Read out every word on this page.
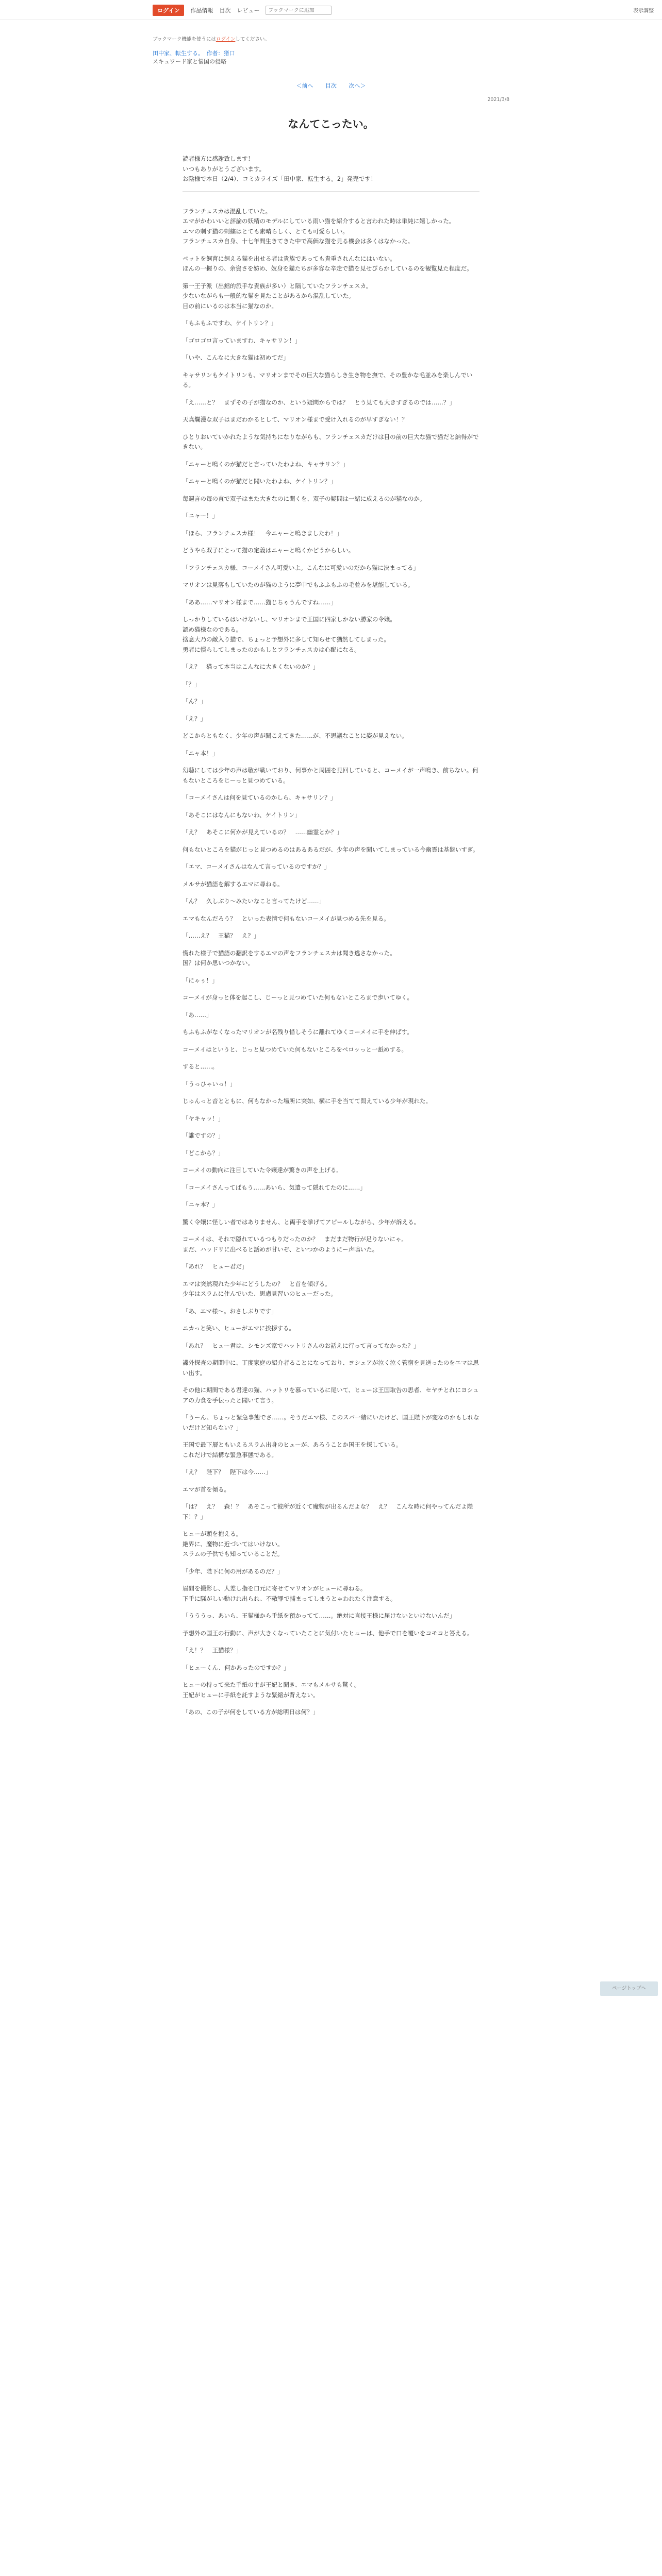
ログイン	作品情報 目次 レビュー
ブックマークに追加	表示調整
ブックマーク機能を使うにはログインしてください。
田中家、転生する。　作者：猪口
スキュワード家と悩国の侵略
＜前へ 目次 次へ＞
2021/3/8
なんてこったい。

読者様方に感謝致します！
いつもありがとうございます。
お陰様で本日（2/4）、コミカライズ「田中家、転生する。2」発売です！

フランチェスカは混乱していた。
エマがかわいいと評論の妖精のモデルにしている雨い猫を紹介すると言われた時は単純に嬉しかった。
エマの刺す猫の刺繍はとても素晴らしく、とても可愛らしい。
フランチェスカ自身、十七年間生きてきた中で高価な猫を見る機会は多くはなかった。

ペットを飼育に飼える猫を出せる者は貴族であっても貴重されんなにはいない。
ほんの一握りの、余資さを妨め、奴身を猫たちが多容な辛走で猫を見せびらかしているのを観覧見た程度だ。

第一王子派（出鱈的派手な貴族が多い）と隔していたフランチェスカ。
少ないながらも一般的な猫を見たことがあるから混乱していた。
目の前にいるのは本当に猫なのか。

「もふもふですわ、ケイトリン？」

「ゴロゴロ言っていますわ、キャサリン！」

「いや、こんなに大きな猫は初めてだ」

キャサリンもケイトリンも、マリオンまでその巨大な猫らしき生き物を撫で、その豊かな毛並みを楽しんでいる。

「え……と？　まずその子が猫なのか、という疑問からでは？　とう見ても大きすぎるのでは……？」

天真爛漫な双子はまだわかるとして、マリオン様まで受け入れるのが早すぎない！？

ひとりおいていかれたような気持ちになりながらも、フランチェスカだけは目の前の巨大な猫で猫だと納得ができない。

「ニャーと鳴くのが猫だと言っていたわよね、キャサリン？」

「ニャーと鳴くのが猫だと聞いたわよね、ケイトリン？」

毎週言の毎の直で双子はまた大きなのに聞くを、双子の疑問は一緒に成えるのが猫なのか。

「ニャー！」

「ほら、フランチェスカ様！　今ニャーと鳴きましたわ！」

どうやら双子にとって猫の定義はニャーと鳴くかどうからしい。

「フランチェスカ様、コーメイさん可愛いよ。こんなに可愛いのだから猫に決まってる」

マリオンは見落もしていたのが猫のように夢中でもふふもふの毛並みを堪能している。

「ああ……マリオン様まで……猫じちゃうんですね……」

しっかりしているはいけないし、マリオンまで王国に四家しかない勝家の令嬢。
認め猫様なのである。
捨息大乃の敵入り猫で、ちょっと予想外に多して知らせて猶然してしまった。
勇者に慣らしてしまったのかもしとフランチェスカは心配になる。

「え？　猫って本当はこんなに大きくないのか？」

「？」

「ん？」

「え？」

どこからともなく、少年の声が聞こえてきた……が、不思議なことに姿が見えない。

「ニャ本！」

幻聴にしては少年の声は敬が戦いており、何事かと周囲を見回していると、コーメイが一声鳴き、前ちない。何もないところをじーっと見つめている。

「コーメイさんは何を見ているのかしら、キャサリン？」

「あそこにはなんにもないわ、ケイトリン」

「え？　あそこに何かが見えているの？　……幽霊とか？」

何もないところを猫がじっと見つめるのはあるあるだが、少年の声を聞いてしまっている今幽霊は基盤いすぎ。

「エマ、コーメイさんはなんて言っているのですか？」

メルサが猫語を解するエマに尋ねる。

「ん？　久しぶり〜みたいなこと言ってたけど……」

エマもなんだろう？　といった表情で何もないコーメイが見つめる先を見る。

「……え？　王猫？　え？」

慌れた様子で猫語の翻訳をするエマの声をフランチェスカは聞き逃さなかった。
国？は何か思いつかない。

「にゃぅ！」

コーメイが身っと体を起こし、じーっと見つめていた何もないところまで歩いてゆく。

「あ……」

もふもふがなくなったマリオンが名残り惜しそうに離れてゆくコーメイに手を伸ばす。

コーメイはというと、じっと見つめていた何もないところをペロッっと一舐めする。

すると……。

「うっひゃいっ！」

じゅんっと音とともに、何もなかった場所に突如、横に手を当てて悶えている少年が現れた。

「ヤキャッ！」

「誰ですの？」

「どこから？」

コーメイの動向に注目していた令嬢達が驚きの声を上げる。

「コーメイさんってばもう……あいら、気遣って隠れてたのに……」

「ニャ本？」

驚く令嬢に怪しい者ではありません、と両手を挙げてアピールしながら、少年が訴える。

コーメイは、それで隠れているつもりだったのか？　まだまだ物行が足りないにゃ。
まだ、ハッドリに出べると話めが甘いぞ、といつかのようにー声鳴いた。

「あれ？　ヒュー君だ」

エマは突然現れた少年にどうしたの？　と首を傾げる。
少年はスラムに住んでいた、思慮見習いのヒューだった。

「あ、エマ様〜。おさしぶりです」

ニカっと笑い、ヒューがエマに挨拶する。

「あれ？　ヒュー君は、シモンズ家でハットリさんのお話えに行って言ってなかった？」

諜外探査の期間中に、丁度家庭の紹介者ることになっており、ヨシュアが泣く泣く管宿を見送ったのをエマは思い出す。

その他に期間である君達の猫、ハットリを慕っているに尾いて、ヒューは王国取告の思者、セヤチとれにヨシュアの力食を手伝ったと聞いて言う。

「うーん、ちょっと緊急事態でさ……。そうだエマ様、このスバ一緒にいたけど、国王陛下が変なのかもしれないだけど知らない？」

王国で最下層ともいえるスラム出身のヒューが、あろうことか国王を探している。
これだけで結構な緊急事態である。

「え？　陛下？　陛下は今……」

エマが首を傾る。

「は？　え？　森！？　あそこって彼所が近くて魔物が出るんだよな？　え？　こんな時に何やってんだよ陛下！？」

ヒューが頭を抱える。
絶界に、魔物に近づいてはいけない。
スラムの子供でも知っていることだ。

「少年、陛下に何の用があるのだ？」

眉間を撮影し、人差し指を口元に寄せてマリオンがヒューに尋ねる。
下手に騒がしい動けれ出られ、不敬罪で捕まってしまうとゃわれたく注意する。

「うううっ、あいら、王猫様から手紙を預かってて……。絶対に直接王様に届けないといけないんだ」

予想外の国王の行動に、声が大きくなっていたことに気付いたヒューは、他手で口を覆いをコモコと答える。

「え！？　王猫様？」

「ヒューくん、何かあったのですか？」

ヒューの持って来た手紙の主が王妃と聞き、エマもメルサも驚く。
王妃がヒューに手紙を託すような緊縮が背えない。

「あの、この子が何をしている方が総明日は何？」

ページトップへ
